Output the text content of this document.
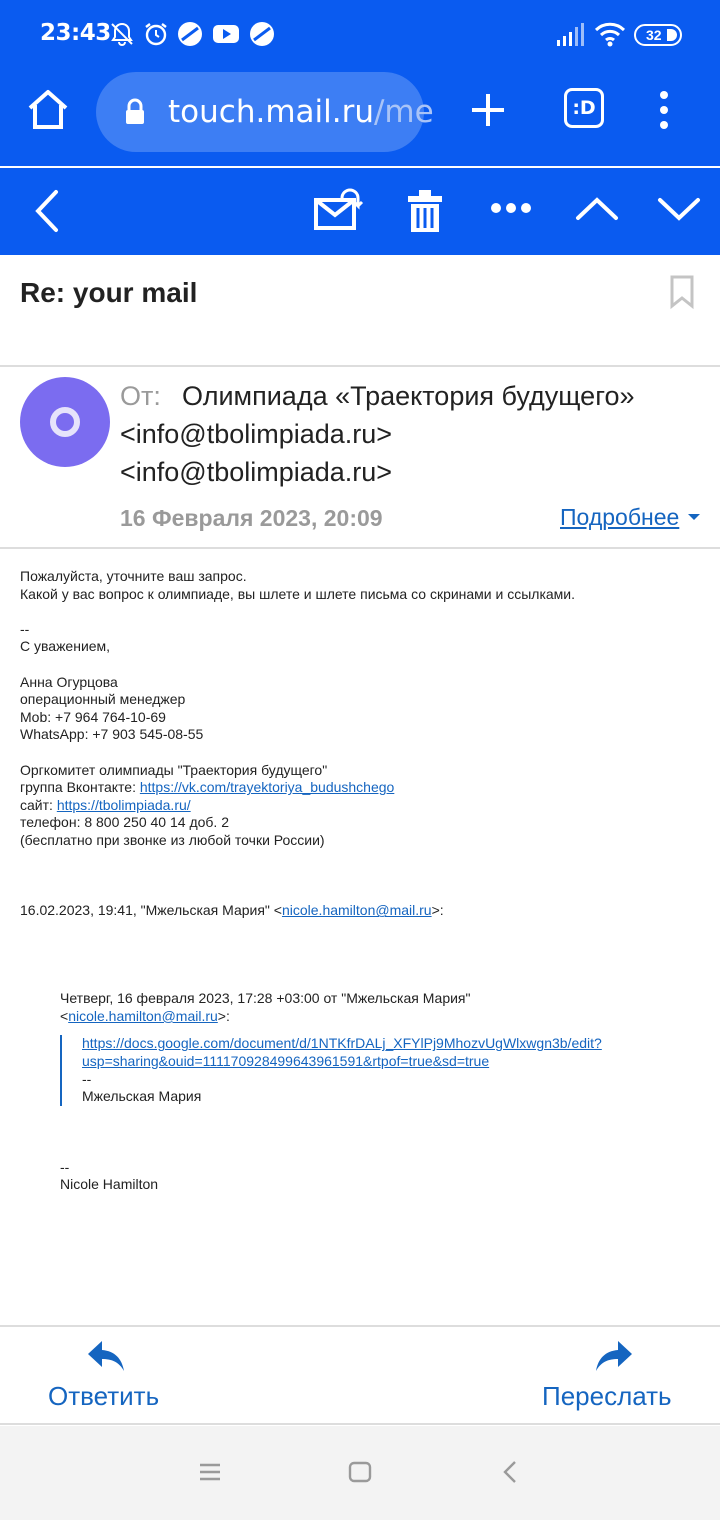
23:43	32
touch.mail.ru/me	:D
Re: your mail
От: Олимпиада «Траектория будущего»
<info@tbolimpiada.ru>
<info@tbolimpiada.ru>
16 Февраля 2023, 20:09	Подробнее
Пожалуйста, уточните ваш запрос.
Какой у вас вопрос к олимпиаде, вы шлете и шлете письма со скринами и ссылками.
--
С уважением,
Анна Огурцова
операционный менеджер
Mob: +7 964 764-10-69
WhatsApp: +7 903 545-08-55
Оргкомитет олимпиады "Траектория будущего"
группа Вконтакте: https://vk.com/trayektoriya_budushchego
сайт: https://tbolimpiada.ru/
телефон: 8 800 250 40 14 доб. 2
(бесплатно при звонке из любой точки России)
16.02.2023, 19:41, "Мжельская Мария" <nicole.hamilton@mail.ru>:
Четверг, 16 февраля 2023, 17:28 +03:00 от "Мжельская Мария"
<nicole.hamilton@mail.ru>:
https://docs.google.com/document/d/1NTKfrDALj_XFYlPj9MhozvUgWlxwgn3b/edit?
usp=sharing&ouid=111170928499643961591&rtpof=true&sd=true
--
Мжельская Мария
--
Nicole Hamilton
Ответить	Переслать
